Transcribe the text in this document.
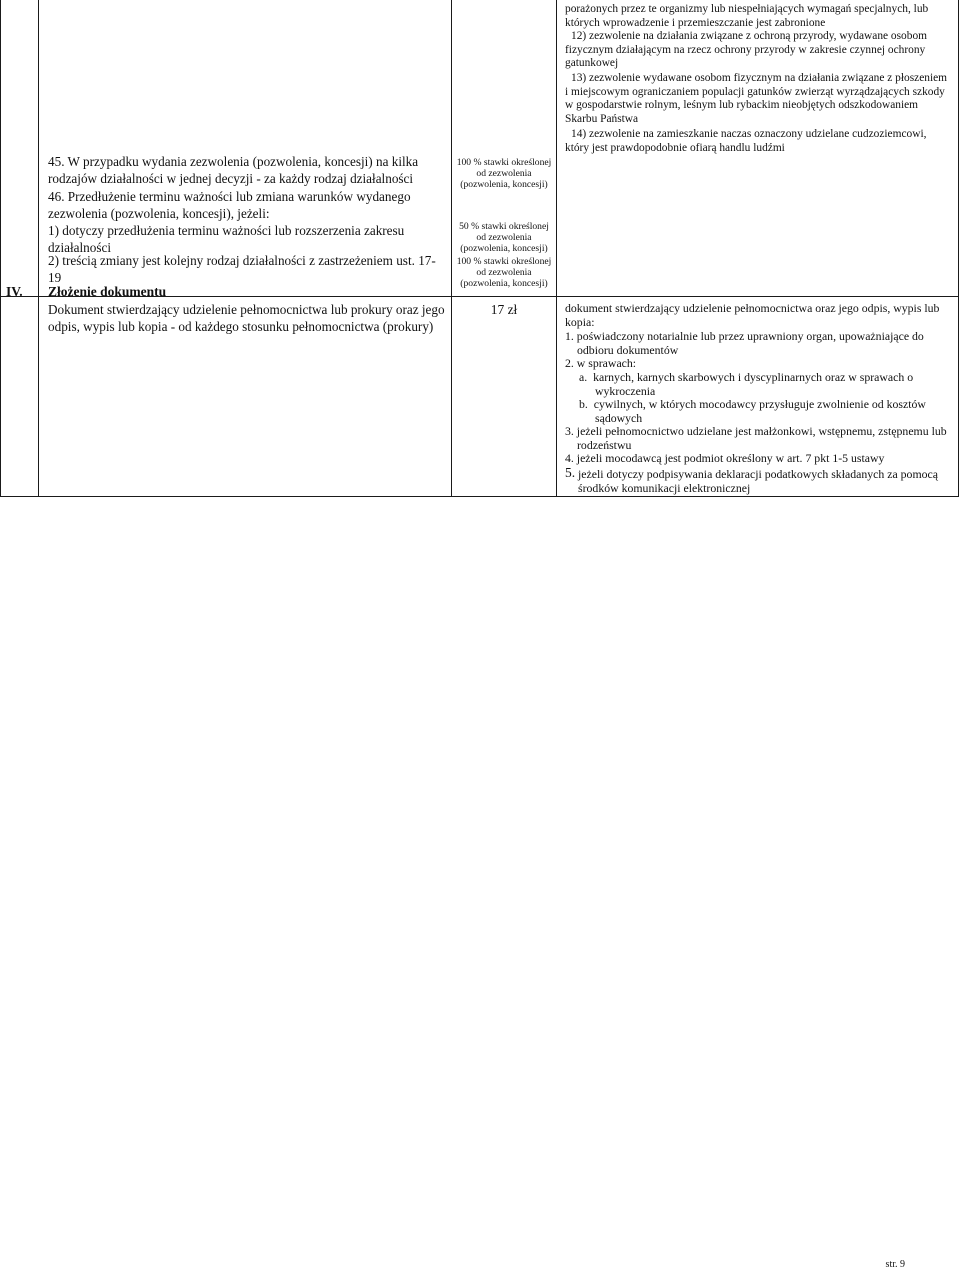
45. W przypadku wydania zezwolenia (pozwolenia, koncesji) na kilka rodzajów działalności w jednej decyzji - za każdy rodzaj działalności
46. Przedłużenie terminu ważności lub zmiana warunków wydanego zezwolenia (pozwolenia, koncesji), jeżeli:
1) dotyczy przedłużenia terminu ważności lub rozszerzenia zakresu działalności
2) treścią zmiany jest kolejny rodzaj działalności z zastrzeżeniem ust. 17-19
IV. Złożenie dokumentu
Dokument stwierdzający udzielenie pełnomocnictwa lub prokury oraz jego odpis, wypis lub kopia - od każdego stosunku pełnomocnictwa (prokury)
100 % stawki określonej od zezwolenia (pozwolenia, koncesji)
50 % stawki określonej od zezwolenia (pozwolenia, koncesji)
100 % stawki określonej od zezwolenia (pozwolenia, koncesji)
17 zł
porażonych przez te organizmy lub niespełniających wymagań specjalnych, lub których wprowadzenie i przemieszczanie jest zabronione
12) zezwolenie na działania związane z ochroną przyrody, wydawane osobom fizycznym działającym na rzecz ochrony przyrody w zakresie czynnej ochrony gatunkowej
13) zezwolenie wydawane osobom fizycznym na działania związane z płoszeniem i miejscowym ograniczaniem populacji gatunków zwierząt wyrządzających szkody w gospodarstwie rolnym, leśnym lub rybackim nieobjętych odszkodowaniem Skarbu Państwa
14) zezwolenie na zamieszkanie naczas oznaczony udzielane cudzoziemcowi, który jest prawdopodobnie ofiarą handlu ludźmi
dokument stwierdzający udzielenie pełnomocnictwa oraz jego odpis, wypis lub kopia:
1. poświadczony notarialnie lub przez uprawniony organ, upoważniające do odbioru dokumentów
2. w sprawach:
a.  karnych, karnych skarbowych i dyscyplinarnych oraz w sprawach o wykroczenia
b.  cywilnych, w których mocodawcy przysługuje zwolnienie od kosztów sądowych
3. jeżeli pełnomocnictwo udzielane jest małżonkowi, wstępnemu, zstępnemu lub rodzeństwu
4. jeżeli mocodawcą jest podmiot określony w art. 7 pkt 1-5 ustawy
5. jeżeli dotyczy podpisywania deklaracji podatkowych składanych za pomocą środków komunikacji elektronicznej
str. 9
